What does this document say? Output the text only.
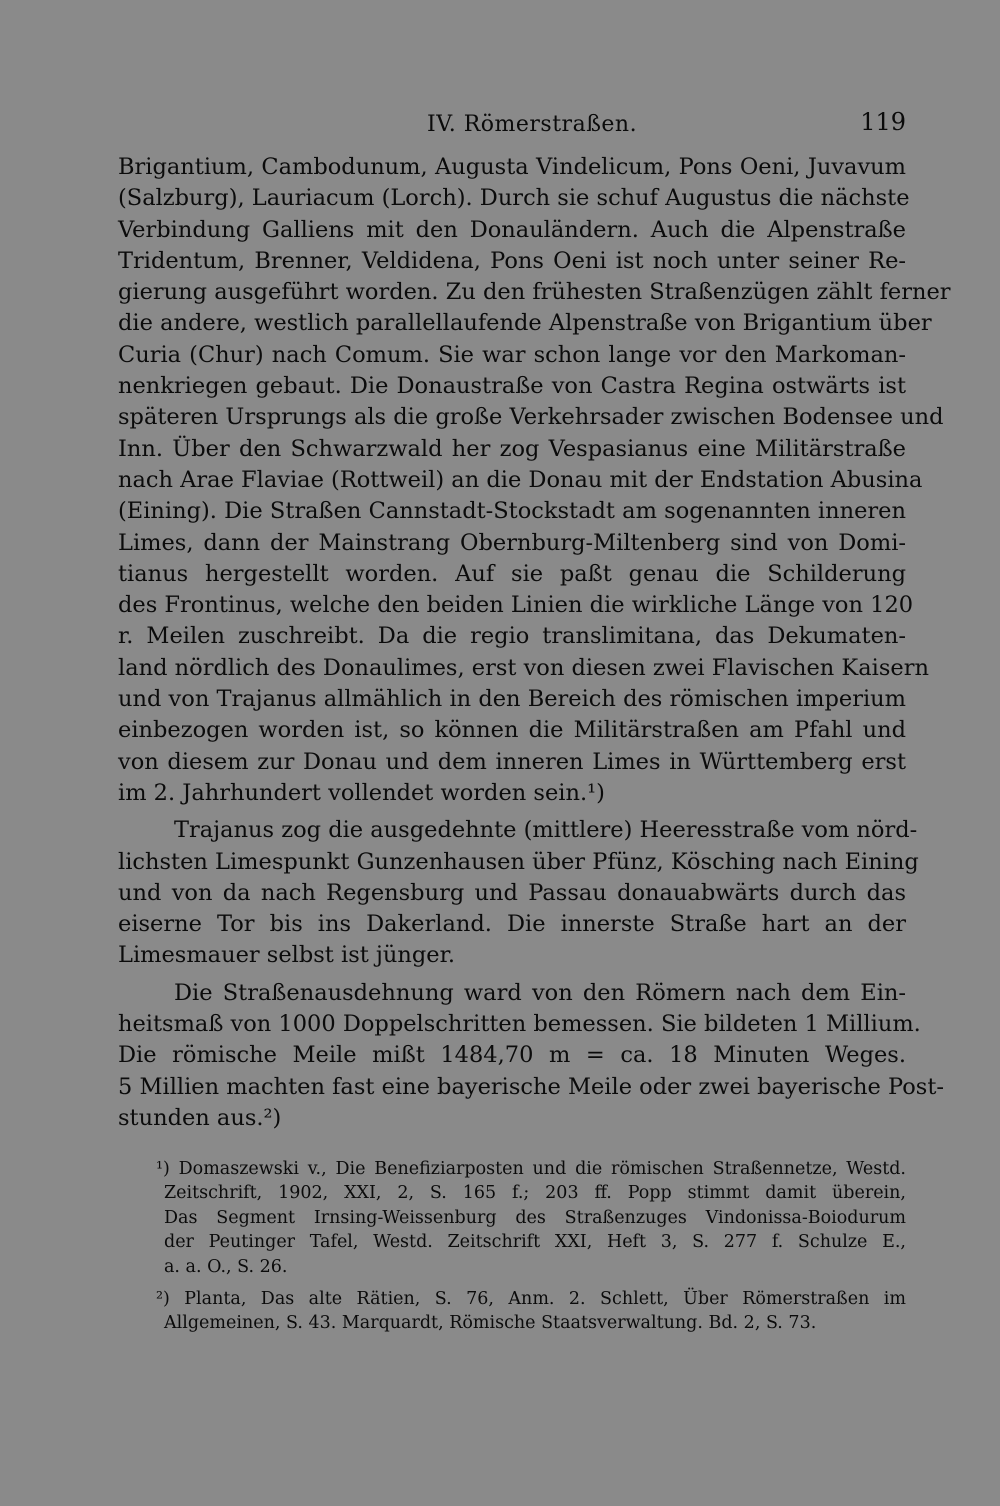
IV. Römerstraßen.	119
Brigantium, Cambodunum, Augusta Vindelicum, Pons Oeni, Juvavum
(Salzburg), Lauriacum (Lorch). Durch sie schuf Augustus die nächste
Verbindung Galliens mit den Donauländern. Auch die Alpenstraße
Tridentum, Brenner, Veldidena, Pons Oeni ist noch unter seiner Re-
gierung ausgeführt worden. Zu den frühesten Straßenzügen zählt ferner
die andere, westlich parallellaufende Alpenstraße von Brigantium über
Curia (Chur) nach Comum. Sie war schon lange vor den Markoman-
nenkriegen gebaut. Die Donaustraße von Castra Regina ostwärts ist
späteren Ursprungs als die große Verkehrsader zwischen Bodensee und
Inn. Über den Schwarzwald her zog Vespasianus eine Militärstraße
nach Arae Flaviae (Rottweil) an die Donau mit der Endstation Abusina
(Eining). Die Straßen Cannstadt-Stockstadt am sogenannten inneren
Limes, dann der Mainstrang Obernburg-Miltenberg sind von Domi-
tianus hergestellt worden. Auf sie paßt genau die Schilderung
des Frontinus, welche den beiden Linien die wirkliche Länge von 120
r. Meilen zuschreibt. Da die regio translimitana, das Dekumaten-
land nördlich des Donaulimes, erst von diesen zwei Flavischen Kaisern
und von Trajanus allmählich in den Bereich des römischen imperium
einbezogen worden ist, so können die Militärstraßen am Pfahl und
von diesem zur Donau und dem inneren Limes in Württemberg erst
im 2. Jahrhundert vollendet worden sein.¹)
Trajanus zog die ausgedehnte (mittlere) Heeresstraße vom nörd-
lichsten Limespunkt Gunzenhausen über Pfünz, Kösching nach Eining
und von da nach Regensburg und Passau donauabwärts durch das
eiserne Tor bis ins Dakerland. Die innerste Straße hart an der
Limesmauer selbst ist jünger.
Die Straßenausdehnung ward von den Römern nach dem Ein-
heitsmaß von 1000 Doppelschritten bemessen. Sie bildeten 1 Millium.
Die römische Meile mißt 1484,70 m = ca. 18 Minuten Weges.
5 Millien machten fast eine bayerische Meile oder zwei bayerische Post-
stunden aus.²)
¹) Domaszewski v., Die Benefiziarposten und die römischen Straßennetze, Westd.
Zeitschrift, 1902, XXI, 2, S. 165 f.; 203 ff. Popp stimmt damit überein,
Das Segment Irnsing-Weissenburg des Straßenzuges Vindonissa-Boiodurum
der Peutinger Tafel, Westd. Zeitschrift XXI, Heft 3, S. 277 f. Schulze E.,
a. a. O., S. 26.
²) Planta, Das alte Rätien, S. 76, Anm. 2. Schlett, Über Römerstraßen im
Allgemeinen, S. 43. Marquardt, Römische Staatsverwaltung. Bd. 2, S. 73.
